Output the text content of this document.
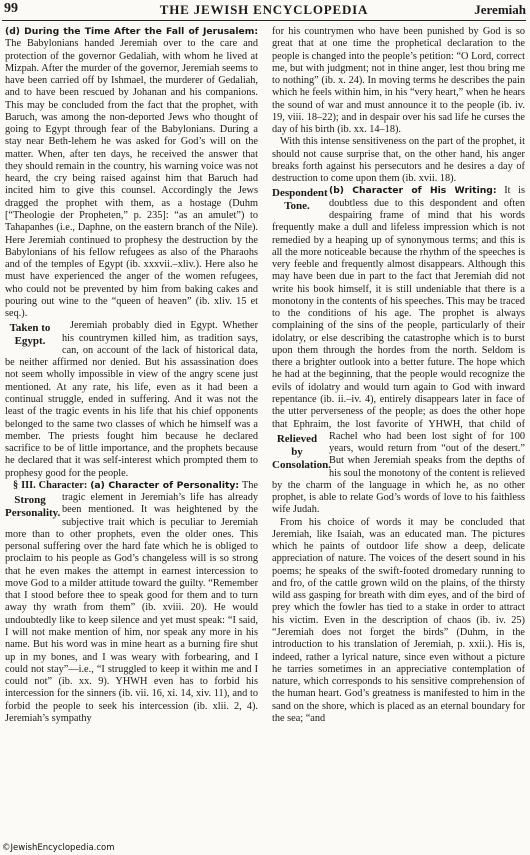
99	THE JEWISH ENCYCLOPEDIA	Jeremiah

(d) During the Time After the Fall of Jerusalem: The Babylonians handed Jeremiah over to the care and protection of the governor Gedaliah, with whom he lived at Mizpah. After the murder of the governor, Jeremiah seems to have been carried off by Ishmael, the murderer of Gedaliah, and to have been rescued by Johanan and his companions. This may be concluded from the fact that the prophet, with Baruch, was among the non-deported Jews who thought of going to Egypt through fear of the Babylonians. During a stay near Beth-lehem he was asked for God’s will on the matter. When, after ten days, he received the answer that they should remain in the country, his warning voice was not heard, the cry being raised against him that Baruch had incited him to give this counsel. Accordingly the Jews dragged the prophet with them, as a hostage (Duhm [“Theologie der Propheten,” p. 235]: “as an amulet”) to Tahapanhes (i.e., Daphne, on the eastern branch of the Nile). Here Jeremiah continued to prophesy the destruction by the Babylonians of his fellow refugees as also of the Pharaohs and of the temples of Egypt (ib. xxxvii.–xliv.). Here also he must have experienced the anger of the women refugees, who could not be prevented by him from baking cakes and pouring out wine to the “queen of heaven” (ib. xliv. 15 et seq.).

Taken to Egypt.
Jeremiah probably died in Egypt. Whether his countrymen killed him, as tradition says, can, on account of the lack of historical data, be neither affirmed nor denied. But his assassination does not seem wholly impossible in view of the angry scene just mentioned. At any rate, his life, even as it had been a continual struggle, ended in suffering. And it was not the least of the tragic events in his life that his chief opponents belonged to the same two classes of which he himself was a member. The priests fought him because he declared sacrifice to be of little importance, and the prophets because he declared that it was self-interest which prompted them to prophesy good for the people.

§ III. Character: (a) Character of Personality:
Strong Personality.
The tragic element in Jeremiah’s life has already been mentioned. It was heightened by the subjective trait which is peculiar to Jeremiah more than to other prophets, even the older ones. This personal suffering over the hard fate which he is obliged to proclaim to his people as God’s changeless will is so strong that he even makes the attempt in earnest intercession to move God to a milder attitude toward the guilty. “Remember that I stood before thee to speak good for them and to turn away thy wrath from them” (ib. xviii. 20). He would undoubtedly like to keep silence and yet must speak: “I said, I will not make mention of him, nor speak any more in his name. But his word was in mine heart as a burning fire shut up in my bones, and I was weary with forbearing, and I could not stay”—i.e., “I struggled to keep it within me and I could not” (ib. xx. 9). YHWH even has to forbid his intercession for the sinners (ib. vii. 16, xi. 14, xiv. 11), and to forbid the people to seek his intercession (ib. xlii. 2, 4). Jeremiah’s sympathy

for his countrymen who have been punished by God is so great that at one time the prophetical declaration to the people is changed into the people’s petition: “O Lord, correct me, but with judgment; not in thine anger, lest thou bring me to nothing” (ib. x. 24). In moving terms he describes the pain which he feels within him, in his “very heart,” when he hears the sound of war and must announce it to the people (ib. iv. 19, viii. 18–22); and in despair over his sad life he curses the day of his birth (ib. xx. 14–18).

With this intense sensitiveness on the part of the prophet, it should not cause surprise that, on the other hand, his anger breaks forth against his persecutors and he desires a day of destruction to come upon them (ib. xvii. 18).

(b) Character of His Writing:
Despondent Tone.
It is doubtless due to this despondent and often despairing frame of mind that his words frequently make a dull and lifeless impression which is not remedied by a heaping up of synonymous terms; and this is all the more noticeable because the rhythm of the speeches is very feeble and frequently almost disappears. Although this may have been due in part to the fact that Jeremiah did not write his book himself, it is still undeniable that there is a monotony in the contents of his speeches. This may be traced to the conditions of his age. The prophet is always complaining of the sins of the people, particularly of their idolatry, or else describing the catastrophe which is to burst upon them through the hordes from the north. Seldom is there a brighter outlook into a better future. The hope which he had at the beginning, that the people would recognize the evils of idolatry and would turn again to God with inward repentance (ib. ii.–iv. 4), entirely disappears later in face of the utter perverseness of the people; as does the other hope that Ephraim, the lost favorite of YHWH, that child of Rachel
Relieved by Consolation.
who had been lost sight of for 100 years, would return from “out of the desert.” But when Jeremiah speaks from the depths of his soul the monotony of the content is relieved by the charm of the language in which he, as no other prophet, is able to relate God’s words of love to his faithless wife Judah.

From his choice of words it may be concluded that Jeremiah, like Isaiah, was an educated man. The pictures which he paints of outdoor life show a deep, delicate appreciation of nature. The voices of the desert sound in his poems; he speaks of the swift-footed dromedary running to and fro, of the cattle grown wild on the plains, of the thirsty wild ass gasping for breath with dim eyes, and of the bird of prey which the fowler has tied to a stake in order to attract his victim. Even in the description of chaos (ib. iv. 25) “Jeremiah does not forget the birds” (Duhm, in the introduction to his translation of Jeremiah, p. xxii.). His is, indeed, rather a lyrical nature, since even without a picture he tarries sometimes in an appreciative contemplation of nature, which corresponds to his sensitive comprehension of the human heart. God’s greatness is manifested to him in the sand on the shore, which is placed as an eternal boundary for the sea; “and

©JewishEncyclopedia.com
